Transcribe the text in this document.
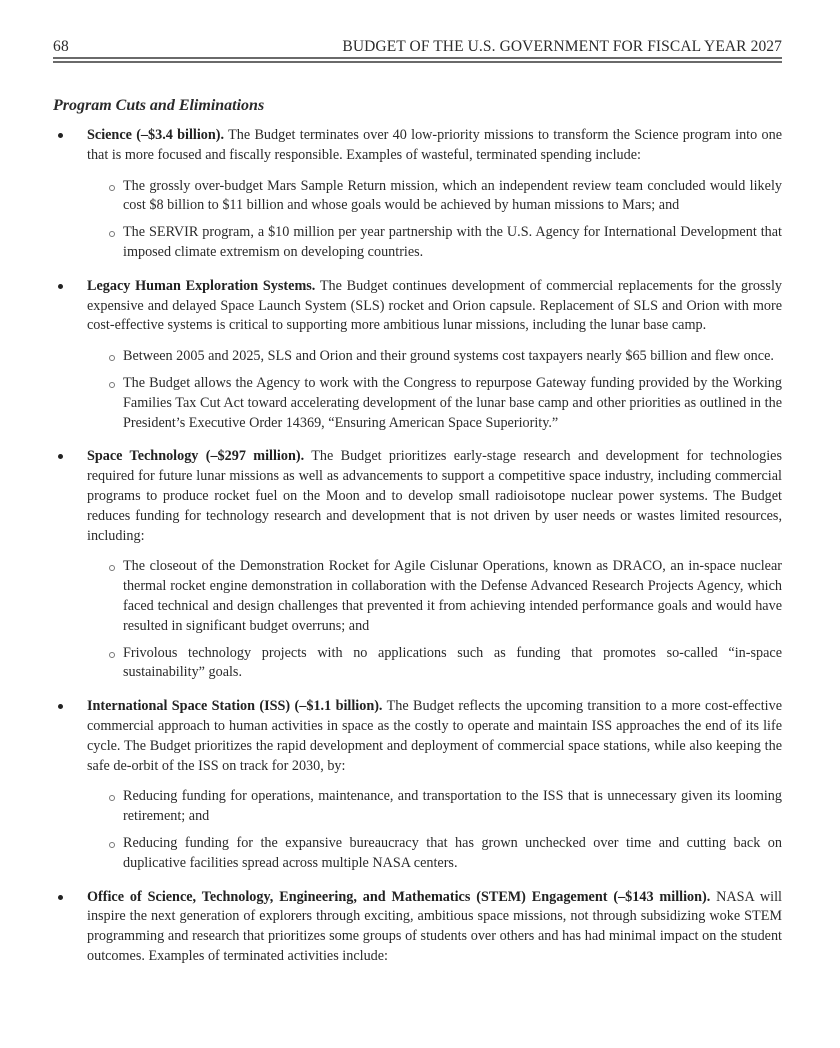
68	BUDGET OF THE U.S. GOVERNMENT FOR FISCAL YEAR 2027
Program Cuts and Eliminations
Science (–$3.4 billion). The Budget terminates over 40 low-priority missions to transform the Science program into one that is more focused and fiscally responsible. Examples of wasteful, terminated spending include:
The grossly over-budget Mars Sample Return mission, which an independent review team concluded would likely cost $8 billion to $11 billion and whose goals would be achieved by human missions to Mars; and
The SERVIR program, a $10 million per year partnership with the U.S. Agency for International Development that imposed climate extremism on developing countries.
Legacy Human Exploration Systems. The Budget continues development of commercial replacements for the grossly expensive and delayed Space Launch System (SLS) rocket and Orion capsule. Replacement of SLS and Orion with more cost-effective systems is critical to supporting more ambitious lunar missions, including the lunar base camp.
Between 2005 and 2025, SLS and Orion and their ground systems cost taxpayers nearly $65 billion and flew once.
The Budget allows the Agency to work with the Congress to repurpose Gateway funding provided by the Working Families Tax Cut Act toward accelerating development of the lunar base camp and other priorities as outlined in the President’s Executive Order 14369, “Ensuring American Space Superiority.”
Space Technology (–$297 million). The Budget prioritizes early-stage research and development for technologies required for future lunar missions as well as advancements to support a competitive space industry, including commercial programs to produce rocket fuel on the Moon and to develop small radioisotope nuclear power systems. The Budget reduces funding for technology research and development that is not driven by user needs or wastes limited resources, including:
The closeout of the Demonstration Rocket for Agile Cislunar Operations, known as DRACO, an in-space nuclear thermal rocket engine demonstration in collaboration with the Defense Advanced Research Projects Agency, which faced technical and design challenges that prevented it from achieving intended performance goals and would have resulted in significant budget overruns; and
Frivolous technology projects with no applications such as funding that promotes so-called “in-space sustainability” goals.
International Space Station (ISS) (–$1.1 billion). The Budget reflects the upcoming transition to a more cost-effective commercial approach to human activities in space as the costly to operate and maintain ISS approaches the end of its life cycle. The Budget prioritizes the rapid development and deployment of commercial space stations, while also keeping the safe de-orbit of the ISS on track for 2030, by:
Reducing funding for operations, maintenance, and transportation to the ISS that is unnecessary given its looming retirement; and
Reducing funding for the expansive bureaucracy that has grown unchecked over time and cutting back on duplicative facilities spread across multiple NASA centers.
Office of Science, Technology, Engineering, and Mathematics (STEM) Engagement (–$143 million). NASA will inspire the next generation of explorers through exciting, ambitious space missions, not through subsidizing woke STEM programming and research that prioritizes some groups of students over others and has had minimal impact on the student outcomes. Examples of terminated activities include:
